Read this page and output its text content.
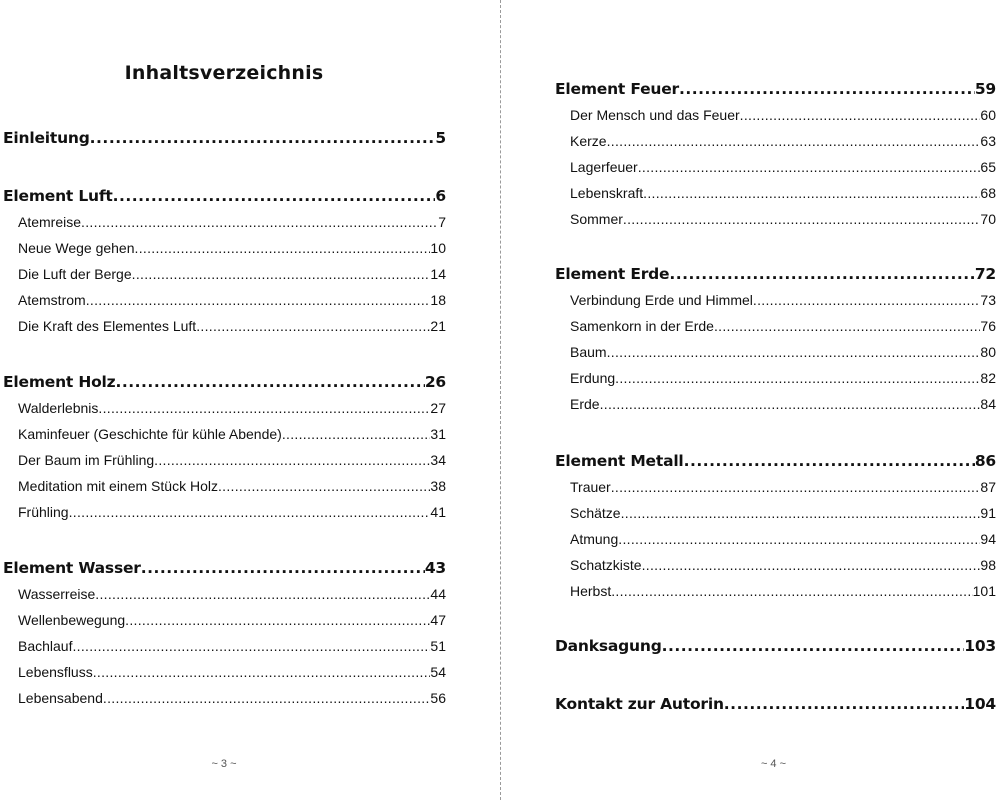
Inhaltsverzeichnis
Einleitung .....	5
Element Luft .....	6
Atemreise .....	7
Neue Wege gehen .....	10
Die Luft der Berge .....	14
Atemstrom .....	18
Die Kraft des Elementes Luft .....	21
Element Holz .....	26
Walderlebnis .....	27
Kaminfeuer (Geschichte für kühle Abende) .....	31
Der Baum im Frühling .....	34
Meditation mit einem Stück Holz .....	38
Frühling .....	41
Element Wasser .....	43
Wasserreise .....	44
Wellenbewegung .....	47
Bachlauf .....	51
Lebensfluss .....	54
Lebensabend .....	56
~ 3 ~
Element Feuer .....	59
Der Mensch und das Feuer .....	60
Kerze .....	63
Lagerfeuer .....	65
Lebenskraft .....	68
Sommer .....	70
Element Erde .....	72
Verbindung Erde und Himmel .....	73
Samenkorn in der Erde .....	76
Baum .....	80
Erdung .....	82
Erde .....	84
Element Metall .....	86
Trauer .....	87
Schätze .....	91
Atmung .....	94
Schatzkiste .....	98
Herbst .....	101
Danksagung .....	103
Kontakt zur Autorin .....	104
~ 4 ~
